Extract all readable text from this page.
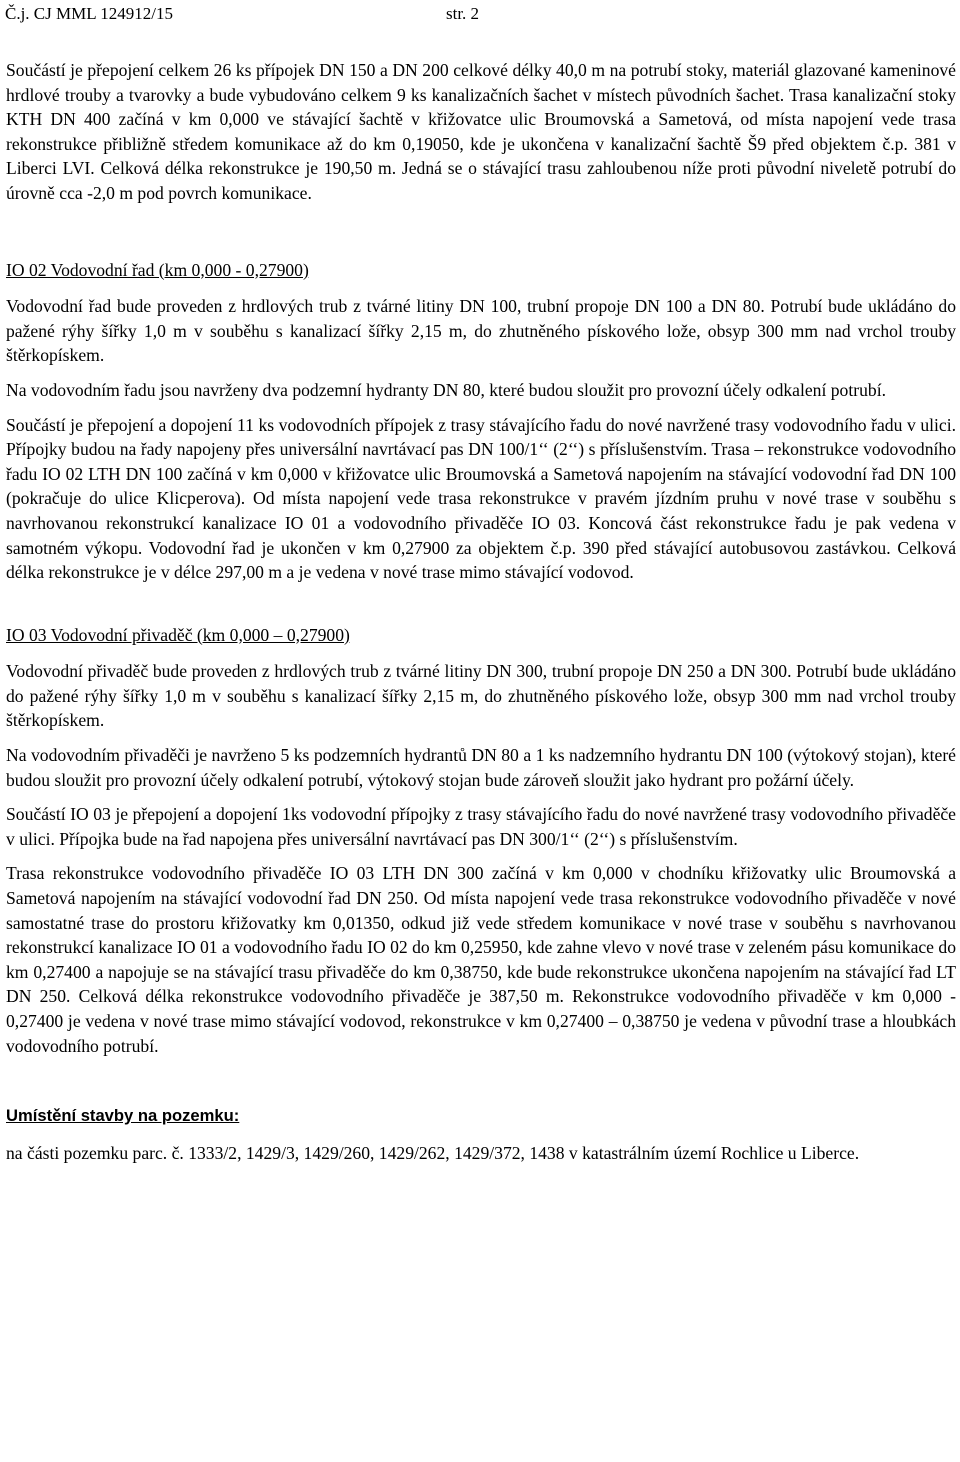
Č.j. CJ MML 124912/15	str. 2

Součástí je přepojení celkem 26 ks přípojek DN 150 a DN 200 celkové délky 40,0 m na potrubí stoky, materiál glazované kameninové hrdlové trouby a tvarovky a bude vybudováno celkem 9 ks kanalizačních šachet v místech původních šachet. Trasa kanalizační stoky KTH DN 400 začíná v km 0,000 ve stávající šachtě v křižovatce ulic Broumovská a Sametová, od místa napojení vede trasa rekonstrukce přibližně středem komunikace až do km 0,19050, kde je ukončena v kanalizační šachtě Š9 před objektem č.p. 381 v Liberci LVI. Celková délka rekonstrukce je 190,50 m. Jedná se o stávající trasu zahloubenou níže proti původní niveletě potrubí do úrovně cca -2,0 m pod povrch komunikace.

IO 02 Vodovodní řad (km 0,000 - 0,27900)

Vodovodní řad bude proveden z hrdlových trub z tvárné litiny DN 100, trubní propoje DN 100 a DN 80. Potrubí bude ukládáno do pažené rýhy šířky 1,0 m v souběhu s kanalizací šířky 2,15 m, do zhutněného pískového lože, obsyp 300 mm nad vrchol trouby štěrkopískem.

Na vodovodním řadu jsou navrženy dva podzemní hydranty DN 80, které budou sloužit pro provozní účely odkalení potrubí.

Součástí je přepojení a dopojení 11 ks vodovodních přípojek z trasy stávajícího řadu do nové navržené trasy vodovodního řadu v ulici. Přípojky budou na řady napojeny přes universální navrtávací pas DN 100/1‘‘ (2‘‘) s příslušenstvím. Trasa – rekonstrukce vodovodního řadu IO 02 LTH DN 100 začíná v km 0,000 v křižovatce ulic Broumovská a Sametová napojením na stávající vodovodní řad DN 100 (pokračuje do ulice Klicperova). Od místa napojení vede trasa rekonstrukce v pravém jízdním pruhu v nové trase v souběhu s navrhovanou rekonstrukcí kanalizace IO 01 a vodovodního přivaděče IO 03. Koncová část rekonstrukce řadu je pak vedena v samotném výkopu. Vodovodní řad je ukončen v km 0,27900 za objektem č.p. 390 před stávající autobusovou zastávkou. Celková délka rekonstrukce je v délce 297,00 m a je vedena v nové trase mimo stávající vodovod.

IO 03 Vodovodní přivaděč (km 0,000 – 0,27900)

Vodovodní přivaděč bude proveden z hrdlových trub z tvárné litiny DN 300, trubní propoje DN 250 a DN 300. Potrubí bude ukládáno do pažené rýhy šířky 1,0 m v souběhu s kanalizací šířky 2,15 m, do zhutněného pískového lože, obsyp 300 mm nad vrchol trouby štěrkopískem.

Na vodovodním přivaděči je navrženo 5 ks podzemních hydrantů DN 80 a 1 ks nadzemního hydrantu DN 100 (výtokový stojan), které budou sloužit pro provozní účely odkalení potrubí, výtokový stojan bude zároveň sloužit jako hydrant pro požární účely.

Součástí IO 03 je přepojení a dopojení 1ks vodovodní přípojky z trasy stávajícího řadu do nové navržené trasy vodovodního přivaděče v ulici. Přípojka bude na řad napojena přes universální navrtávací pas DN 300/1‘‘ (2‘‘) s příslušenstvím.

Trasa rekonstrukce vodovodního přivaděče IO 03 LTH DN 300 začíná v km 0,000 v chodníku křižovatky ulic Broumovská a Sametová napojením na stávající vodovodní řad DN 250. Od místa napojení vede trasa rekonstrukce vodovodního přivaděče v nové samostatné trase do prostoru křižovatky km 0,01350, odkud již vede středem komunikace v nové trase v souběhu s navrhovanou rekonstrukcí kanalizace IO 01 a vodovodního řadu IO 02 do km 0,25950, kde zahne vlevo v nové trase v zeleném pásu komunikace do km 0,27400 a napojuje se na stávající trasu přivaděče do km 0,38750, kde bude rekonstrukce ukončena napojením na stávající řad LT DN 250. Celková délka rekonstrukce vodovodního přivaděče je 387,50 m. Rekonstrukce vodovodního přivaděče v km 0,000 - 0,27400 je vedena v nové trase mimo stávající vodovod, rekonstrukce v km 0,27400 – 0,38750 je vedena v původní trase a hloubkách vodovodního potrubí.

Umístění stavby na pozemku:

na části pozemku parc. č. 1333/2, 1429/3, 1429/260, 1429/262, 1429/372, 1438 v katastrálním území Rochlice u Liberce.
